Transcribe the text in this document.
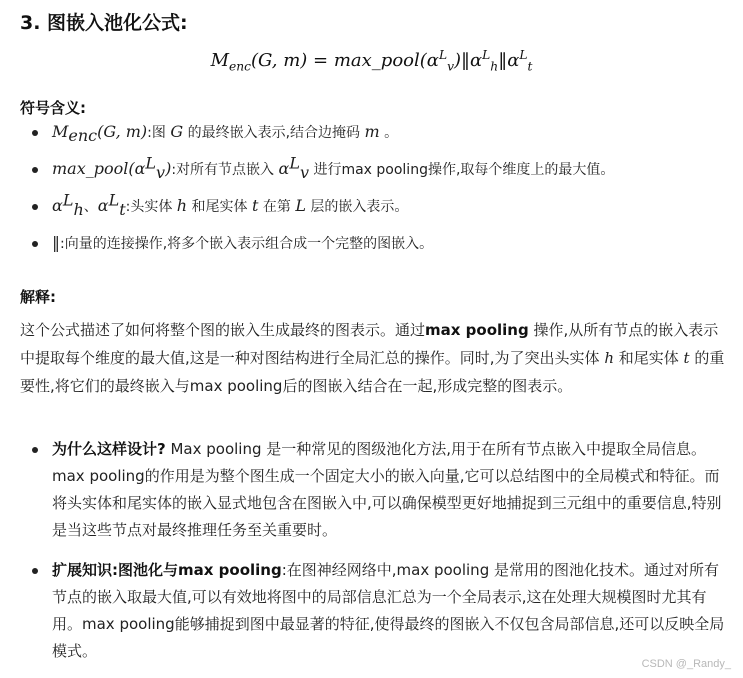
3. 图嵌入池化公式:
$M_{enc}(G$, $m) = \max\_pool(\alpha^L_v)‖\alpha^L_h‖\alpha^L_t$

符号含义:

$M_{enc}(G$, m):图 G 的最终嵌入表示,结合边掩码 m 。
$\max\_pool(\alpha^L_v)$:对所有节点嵌入 $\alpha^L_v$ 进行max pooling操作,取每个维度上的最大值。
$\alpha^L_h$、$\alpha^L_t$:头实体 h 和尾实体 t 在第 L 层的嵌入表示。
‖:向量的连接操作,将多个嵌入表示组合成一个完整的图嵌入。

解释:

这个公式描述了如何将整个图的嵌入生成最终的图表示。通过max pooling 操作,从所有节点的嵌入表示中提取每个维度的最大值,这是一种对图结构进行全局汇总的操作。同时,为了突出头实体 h 和尾实体 t 的重要性,将它们的最终嵌入与max pooling后的图嵌入结合在一起,形成完整的图表示。

为什么这样设计? Max pooling 是一种常见的图级池化方法,用于在所有节点嵌入中提取全局信息。max pooling的作用是为整个图生成一个固定大小的嵌入向量,它可以总结图中的全局模式和特征。而将头实体和尾实体的嵌入显式地包含在图嵌入中,可以确保模型更好地捕捉到三元组中的重要信息,特别是当这些节点对最终推理任务至关重要时。
扩展知识:图池化与max pooling:在图神经网络中,max pooling 是常用的图池化技术。通过对所有节点的嵌入取最大值,可以有效地将图中的局部信息汇总为一个全局表示,这在处理大规模图时尤其有用。max pooling能够捕捉到图中最显著的特征,使得最终的图嵌入不仅包含局部信息,还可以反映全局模式。
CSDN @_Randy_
